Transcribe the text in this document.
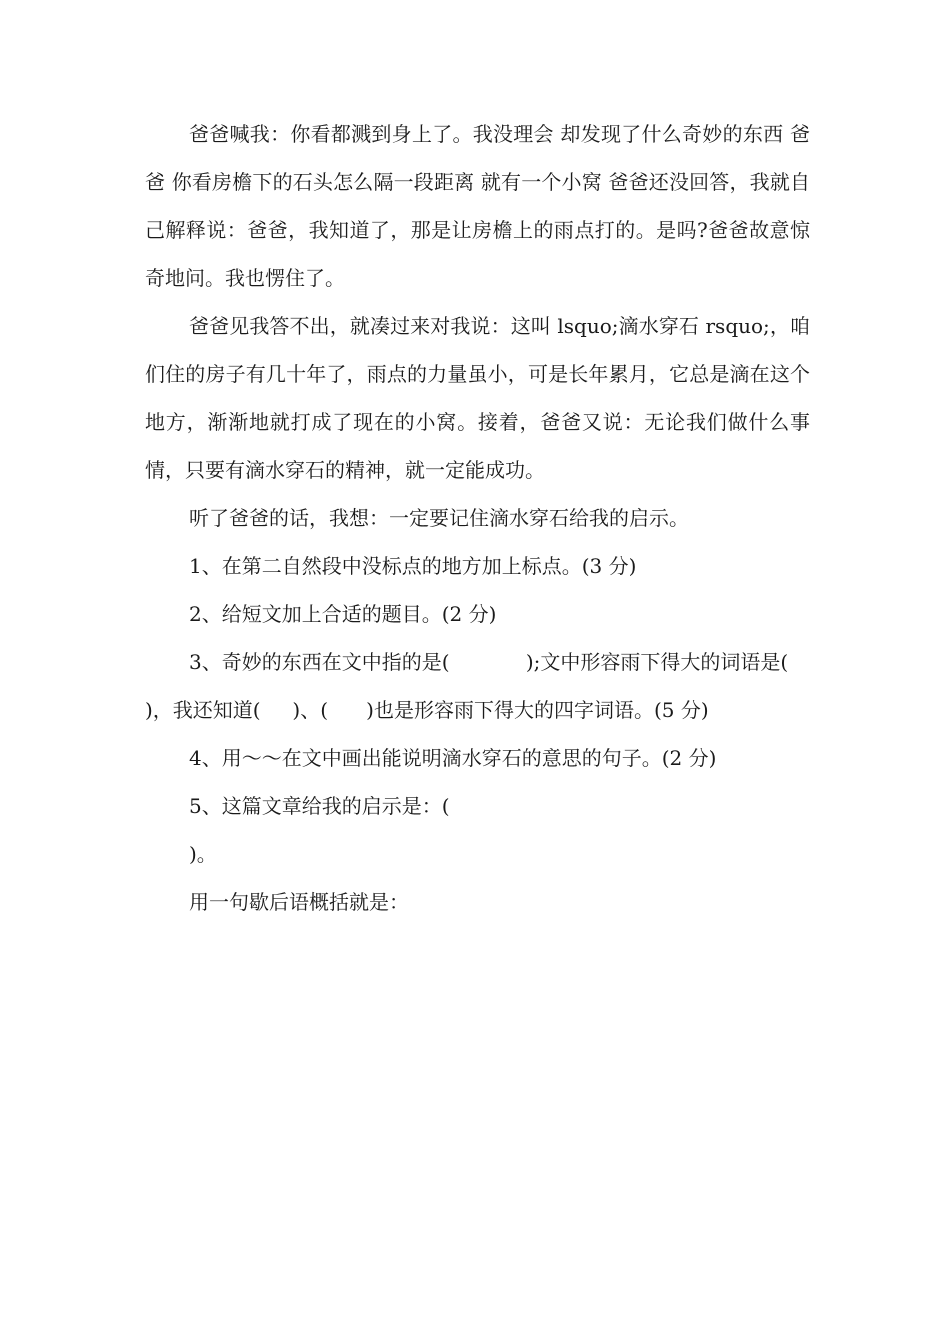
爸爸喊我：你看都溅到身上了。我没理会 却发现了什么奇妙的东西 爸爸 你看房檐下的石头怎么隔一段距离 就有一个小窝 爸爸还没回答，我就自己解释说：爸爸，我知道了，那是让房檐上的雨点打的。是吗?爸爸故意惊奇地问。我也愣住了。

爸爸见我答不出，就凑过来对我说：这叫 lsquo;滴水穿石 rsquo;，咱们住的房子有几十年了，雨点的力量虽小，可是长年累月，它总是滴在这个地方，渐渐地就打成了现在的小窝。接着，爸爸又说：无论我们做什么事情，只要有滴水穿石的精神，就一定能成功。

听了爸爸的话，我想：一定要记住滴水穿石给我的启示。

1、在第二自然段中没标点的地方加上标点。(3 分)

2、给短文加上合适的题目。(2 分)

3、奇妙的东西在文中指的是(            );文中形容雨下得大的词语是(      )，我还知道(     )、(      )也是形容雨下得大的四字词语。(5 分)

4、用～～在文中画出能说明滴水穿石的意思的句子。(2 分)

5、这篇文章给我的启示是：(

)。

用一句歇后语概括就是：
